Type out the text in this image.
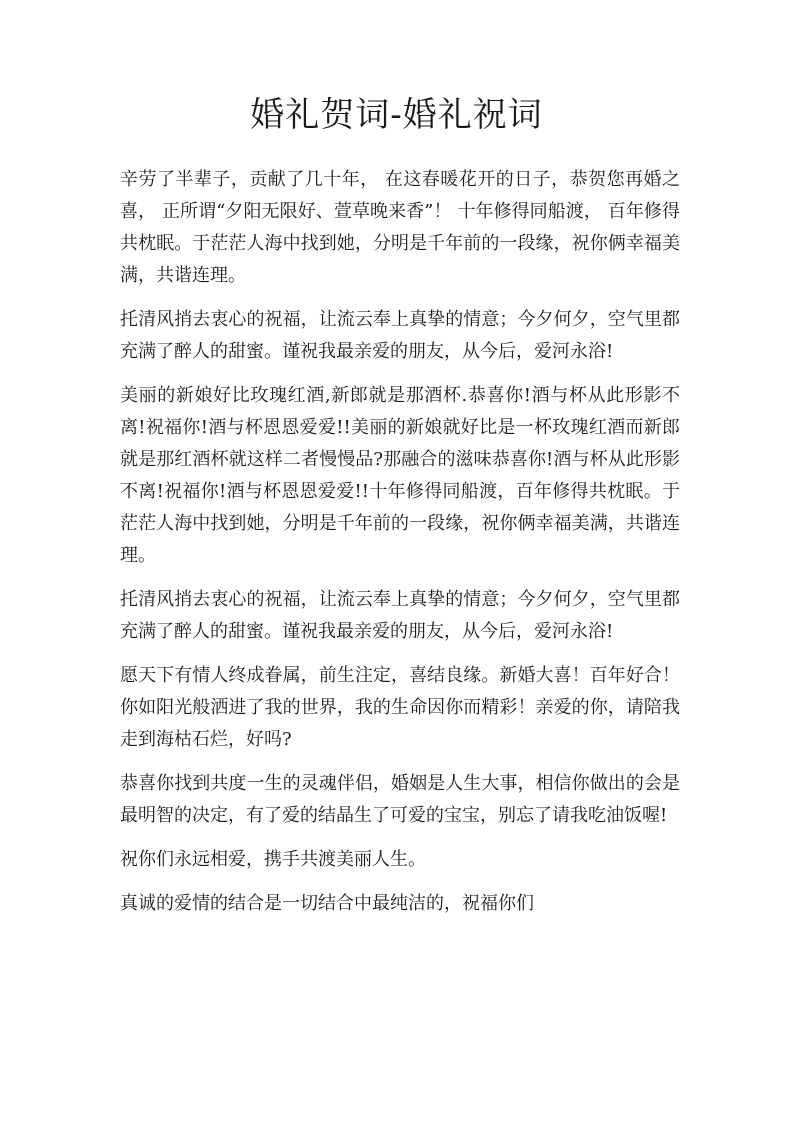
婚礼贺词-婚礼祝词

辛劳了半辈子，贡献了几十年， 在这春暖花开的日子，恭贺您再婚之喜， 正所谓“夕阳无限好、萱草晚来香”！ 十年修得同船渡， 百年修得共枕眠。于茫茫人海中找到她，分明是千年前的一段缘，祝你俩幸福美满，共谐连理。

托清风捎去衷心的祝福，让流云奉上真挚的情意；今夕何夕，空气里都充满了醉人的甜蜜。谨祝我最亲爱的朋友，从今后，爱河永浴!

美丽的新娘好比玫瑰红酒,新郎就是那酒杯.恭喜你!酒与杯从此形影不离!祝福你!酒与杯恩恩爱爱!!美丽的新娘就好比是一杯玫瑰红酒而新郎就是那红酒杯就这样二者慢慢品?那融合的滋味恭喜你!酒与杯从此形影不离!祝福你!酒与杯恩恩爱爱!!十年修得同船渡，百年修得共枕眠。于茫茫人海中找到她，分明是千年前的一段缘，祝你俩幸福美满，共谐连理。

托清风捎去衷心的祝福，让流云奉上真挚的情意；今夕何夕，空气里都充满了醉人的甜蜜。谨祝我最亲爱的朋友，从今后，爱河永浴!

愿天下有情人终成眷属，前生注定，喜结良缘。新婚大喜！百年好合！你如阳光般洒进了我的世界，我的生命因你而精彩！亲爱的你，请陪我走到海枯石烂，好吗?

恭喜你找到共度一生的灵魂伴侣，婚姻是人生大事，相信你做出的会是最明智的决定，有了爱的结晶生了可爱的宝宝，别忘了请我吃油饭喔!

祝你们永远相爱，携手共渡美丽人生。

真诚的爱情的结合是一切结合中最纯洁的，祝福你们
